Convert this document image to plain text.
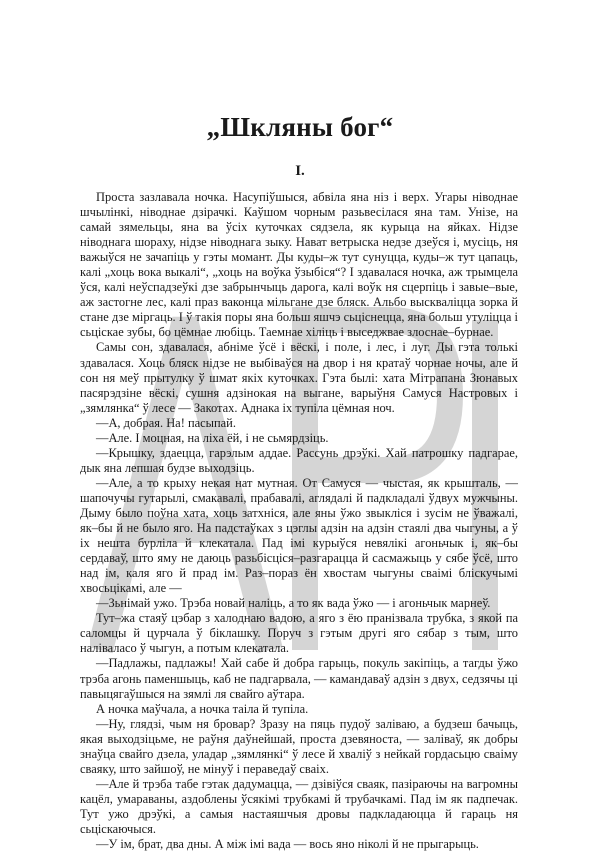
„Шкляны бог“
I.

Проста зазлавала ночка. Насупіўшыся, абвіла яна ніз і верх. Угары ніводнае шчылінкі, ніводнае дзірачкі. Каўшом чорным разьвесілася яна там. Унізе, на самай зямельцы, яна ва ўсіх куточках сядзела, як курыца на яйках. Нідзе ніводнага шораху, нідзе ніводнага зыку. Нават ветрыска недзе дзеўся і, мусіць, ня важыўся не зачапіць у гэты момант. Ды куды–ж тут сунуцца, куды–ж тут цапаць, калі „хоць вока выкалі“, „хоць на воўка ўзыбіся“? І здавалася ночка, аж трымцела ўся, калі неўспадзеўкі дзе забрынчыць дарога, калі воўк ня сцерпіць і завые–вые, аж застогне лес, калі праз ваконца мільгане дзе бляск. Альбо выскваліцца зорка й стане дзе міргаць. І ў такія поры яна больш яшчэ сьціснецца, яна больш утуліцца і сьціскае зубы, бо цёмнае любіць. Таемнае хіліць і выседжвае злоснае–бурнае.

Самы сон, здавалася, абніме ўсё і вёскі, і поле, і лес, і луг. Ды гэта толькі здавалася. Хоць бляск нідзе не выбіваўся на двор і ня кратаў чорнае ночы, але й сон ня меў прытулку ў шмат якіх куточках. Гэта былі: хата Мітрапана Зюнавых пасярэдзіне вёскі, сушня адзінокая на выгане, варыўня Самуся Настровых і „зямлянка“ ў лесе — Закотах. Аднака іх тупіла цёмная ноч.

—А, добрая. На! пасыпай.

—Але. І моцная, на ліха ёй, і не сьмярдзіць.

—Крышку, здаецца, гарэлым аддае. Рассунь дрэўкі. Хай патрошку падгарае, дык яна лепшая будзе выходзіць.

—Але, а то крыху некая нат мутная. От Самуся — чыстая, як крышталь, — шапочучы гутарылі, смакавалі, прабавалі, аглядалі й падкладалі ўдвух мужчыны. Дыму было поўна хата, хоць затхніся, але яны ўжо звыкліся і зусім не ўважалі, як–бы й не было яго. На падстаўках з цэглы адзін на адзін стаялі два чыгуны, а ў іх нешта бурліла й клекатала. Пад імі курыўся невялікі агоньчык і, як–бы сердаваў, што яму не даюць разьбісціся–разгарацца й сасмажыць у сябе ўсё, што над ім, каля яго й прад ім. Раз–пораз ён хвостам чыгуны свaімі блiскучымі хвосьцiкамі, але —

—Зьнімай ужо. Трэба новай наліць, а то як вада ўжо — і агоньчык марнеў.

Тут–жа стаяў цэбар з халоднаю вадою, а яго з ёю пранізвала трубка, з якой па саломцы й цурчала ў біклашку. Поруч з гэтым другі яго сябар з тым, што наліваласо ў чыгун, а потым клекатала.

—Падлажы, падлажы! Хай сабе й добра гарыць, покуль закіпіць, а тагды ўжо трэба агонь паменшыць, каб не падгарвала, — камандаваў адзін з двух, седзячы ці павыцягаўшыся на зямлі ля свайго аўтара.

А ночка маўчала, а ночка таіла й тупіла.

—Ну, глядзі, чым ня бровар? Зразу на пяць пудоў заліваю, а будзеш бачыць, якая выходзіцьме, не раўня даўнейшай, проста дзевяноста, — заліваў, як добры знаўца свайго дзела, уладар „зямлянкі“ ў лесе й хваліў з нейкай гордасьцю сваіму сваяку, што зайшоў, не мінуў і пераведаў сваіх.

—Але й трэба табе гэтак дадумацца, — дзівіўся сваяк, пазіраючы на вагромны кацёл, умараваны, аздоблены ўсякімі трубкамі й трубачкамі. Пад ім як падпечак. Тут ужо дрэўкі, а самыя настаяшчыя дровы падкладаюцца й гараць ня сьціскаючыся.

—У ім, брат, два дны. А між імі вада — вось яно ніколі й не прыгарыць.
